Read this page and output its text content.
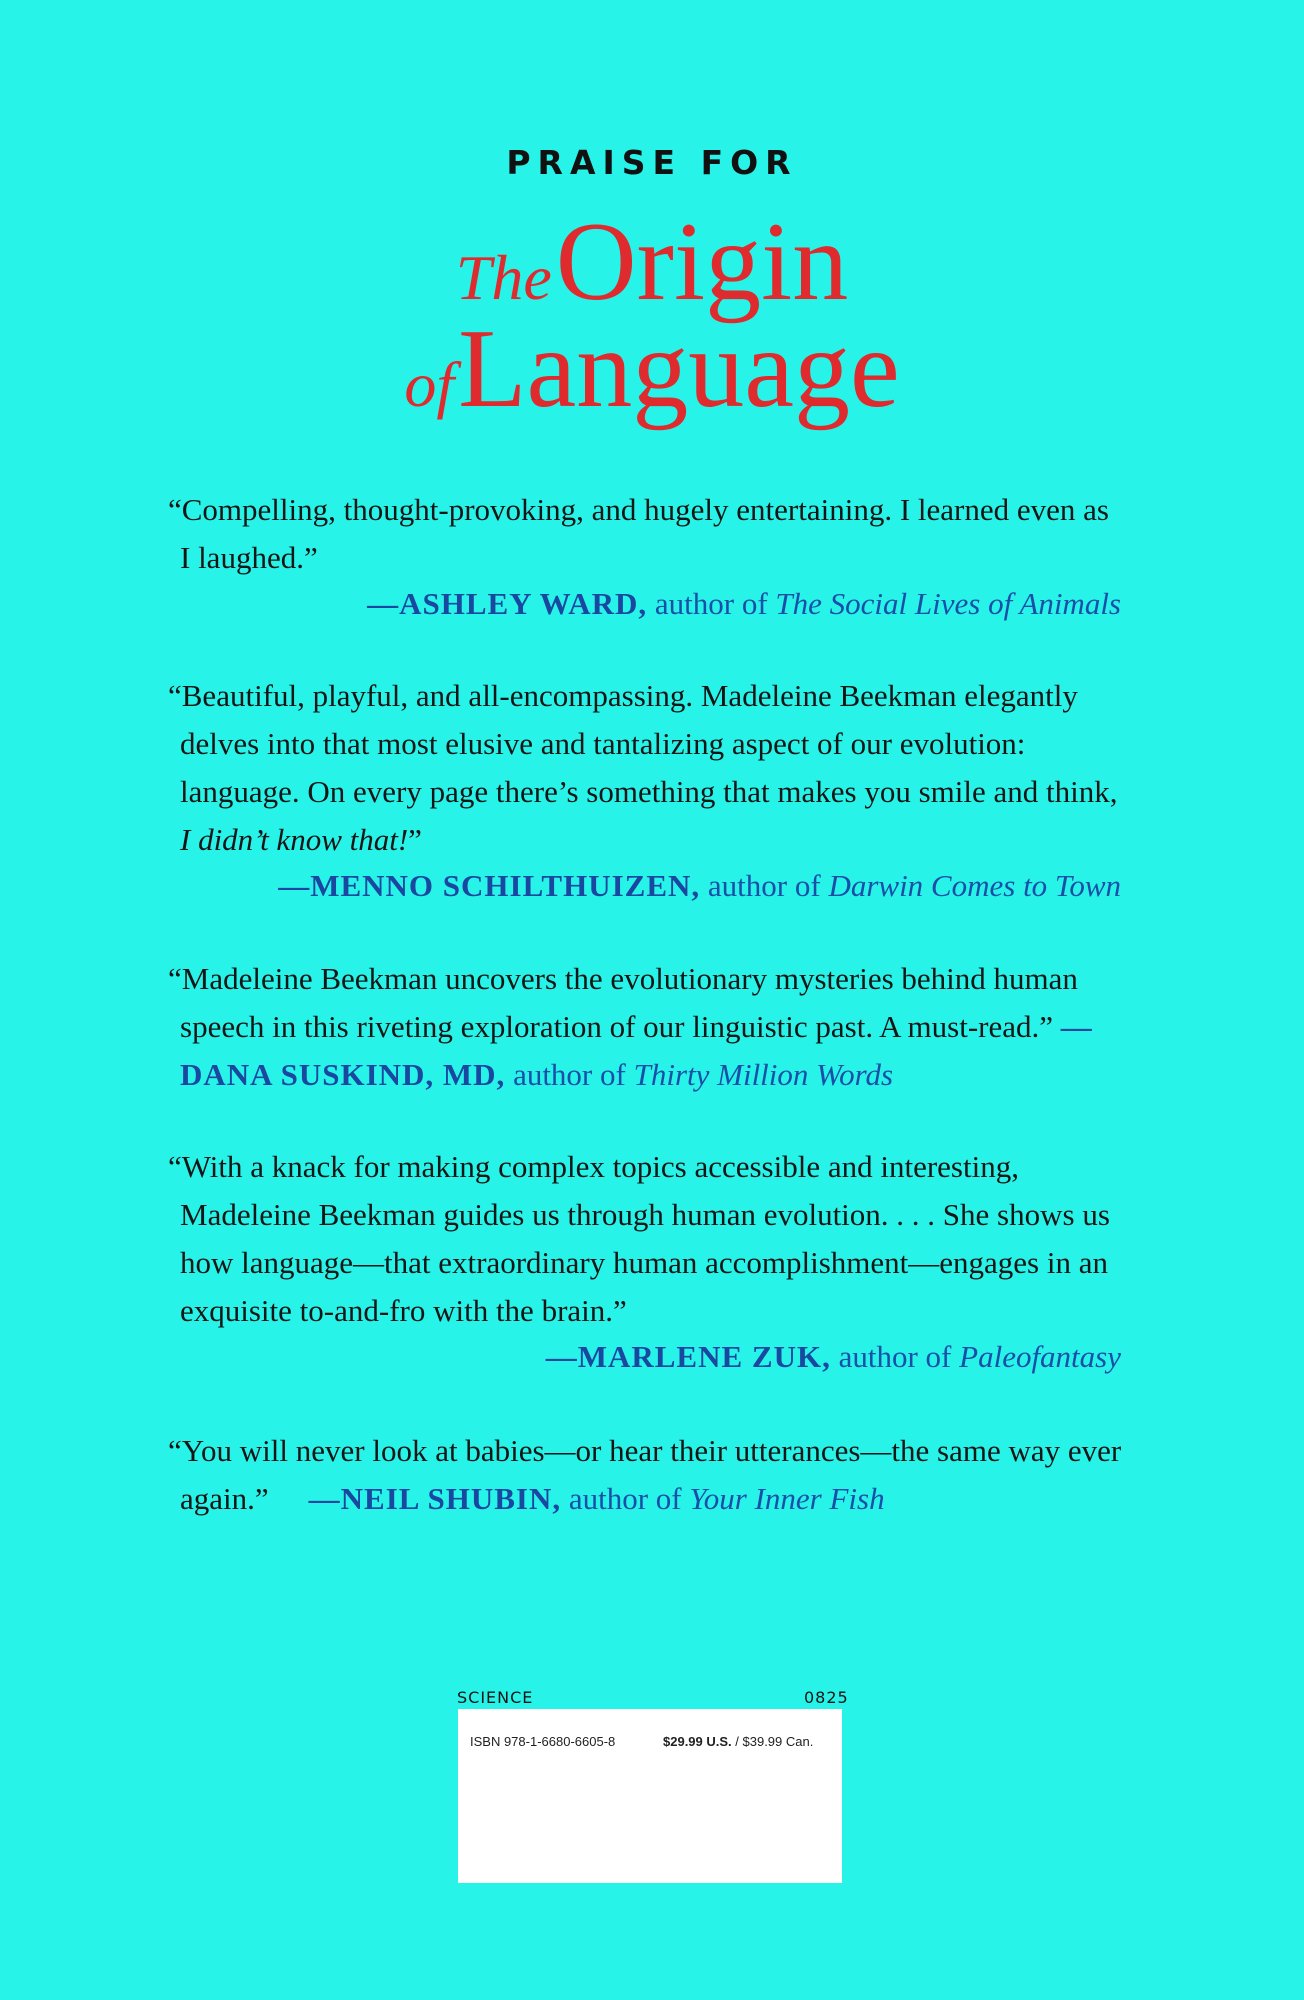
PRAISE FOR
The Origin
of Language
“Compelling, thought-provoking, and hugely entertaining. I learned even as I laughed.”
—ASHLEY WARD, author of The Social Lives of Animals
“Beautiful, playful, and all-encompassing. Madeleine Beekman elegantly delves into that most elusive and tantalizing aspect of our evolution: language. On every page there’s something that makes you smile and think, I didn’t know that!”
—MENNO SCHILTHUIZEN, author of Darwin Comes to Town
“Madeleine Beekman uncovers the evolutionary mysteries behind human speech in this riveting exploration of our linguistic past. A must-read.” —DANA SUSKIND, MD, author of Thirty Million Words
“With a knack for making complex topics accessible and interesting, Madeleine Beekman guides us through human evolution. . . . She shows us how language—that extraordinary human accomplishment—engages in an exquisite to-and-fro with the brain.”
—MARLENE ZUK, author of Paleofantasy
“You will never look at babies—or hear their utterances—the same way ever again.” —NEIL SHUBIN, author of Your Inner Fish
SCIENCE	0825
ISBN 978-1-6680-6605-8	$29.99 U.S. / $39.99 Can.
